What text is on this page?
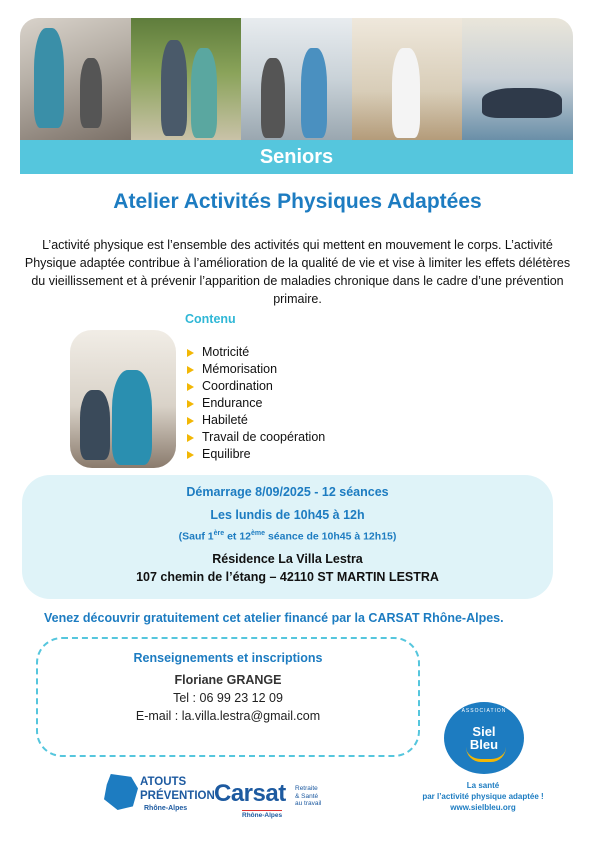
Seniors
Atelier Activités Physiques Adaptées
L’activité physique est l’ensemble des activités qui mettent en mouvement le corps. L’activité Physique adaptée contribue à l’amélioration de la qualité de vie et vise à limiter les effets délétères du vieillissement et à prévenir l’apparition de maladies chronique dans le cadre d’une prévention primaire.
Contenu
Motricité
Mémorisation
Coordination
Endurance
Habileté
Travail de coopération
Equilibre
Démarrage 8/09/2025 - 12 séances
Les lundis de 10h45 à 12h
(Sauf 1ère et 12ème séance de 10h45 à 12h15)
Résidence La Villa Lestra
107 chemin de l’étang – 42110 ST MARTIN LESTRA
Venez découvrir gratuitement cet atelier financé par la CARSAT Rhône-Alpes.
Renseignements et inscriptions
Floriane GRANGE
Tel : 06 99 23 12 09
E-mail : la.villa.lestra@gmail.com	ASSOCIATION
Siel
Bleu
La santé
par l’activité physique adaptée !
www.sielbleu.org
ATOUTS
PRÉVENTION
Rhône-Alpes
Carsat Retraite
& Santé
au travail
Rhône-Alpes
